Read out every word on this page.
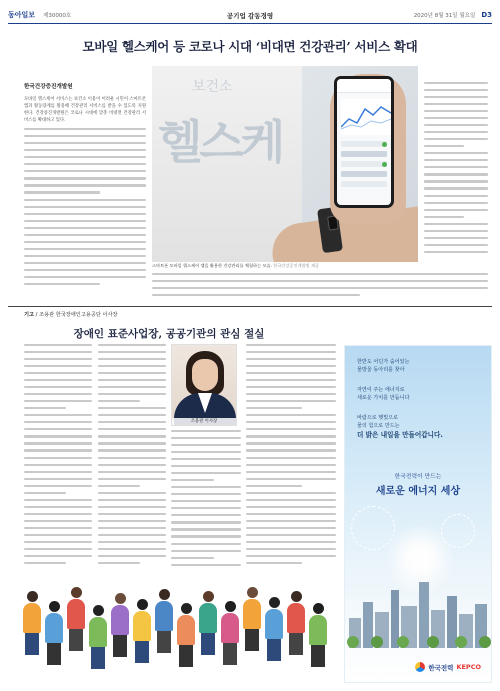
동아일보 제30000호	공기업 감동경영	2020년 8월 31일 월요일 D3
모바일 헬스케어 등 코로나 시대 ‘비대면 건강관리’ 서비스 확대
한국건강증진개발원
모바일 헬스케어 서비스는 보건소 이용이 어려운 시민이 스마트폰 앱과 활동량계를 활용해 건강관리 서비스를 받을 수 있도록 지원한다. 건강증진개발원은 코로나 시대에 맞춘 비대면 건강관리 서비스를 확대하고 있다.
보건소
헬스케
스마트폰 모바일 헬스케어 앱을 활용한 건강관리를 체험하는 모습. 한국건강증진개발원 제공
기고 / 조용관 한국장애인고용공단 이사장
장애인 표준사업장, 공공기관의 관심 절실
조용관 이사장
한반도 어딘가 숨어있는
물방울 동아리를 찾아
자연이 주는 에너지로
새로운 가치를 만듭니다
바람으로 햇빛으로
물의 힘으로 만드는
더 밝은 내일을 만들어갑니다.
한국전력이 만드는
새로운 에너지 세상
한국전력 KEPCO
